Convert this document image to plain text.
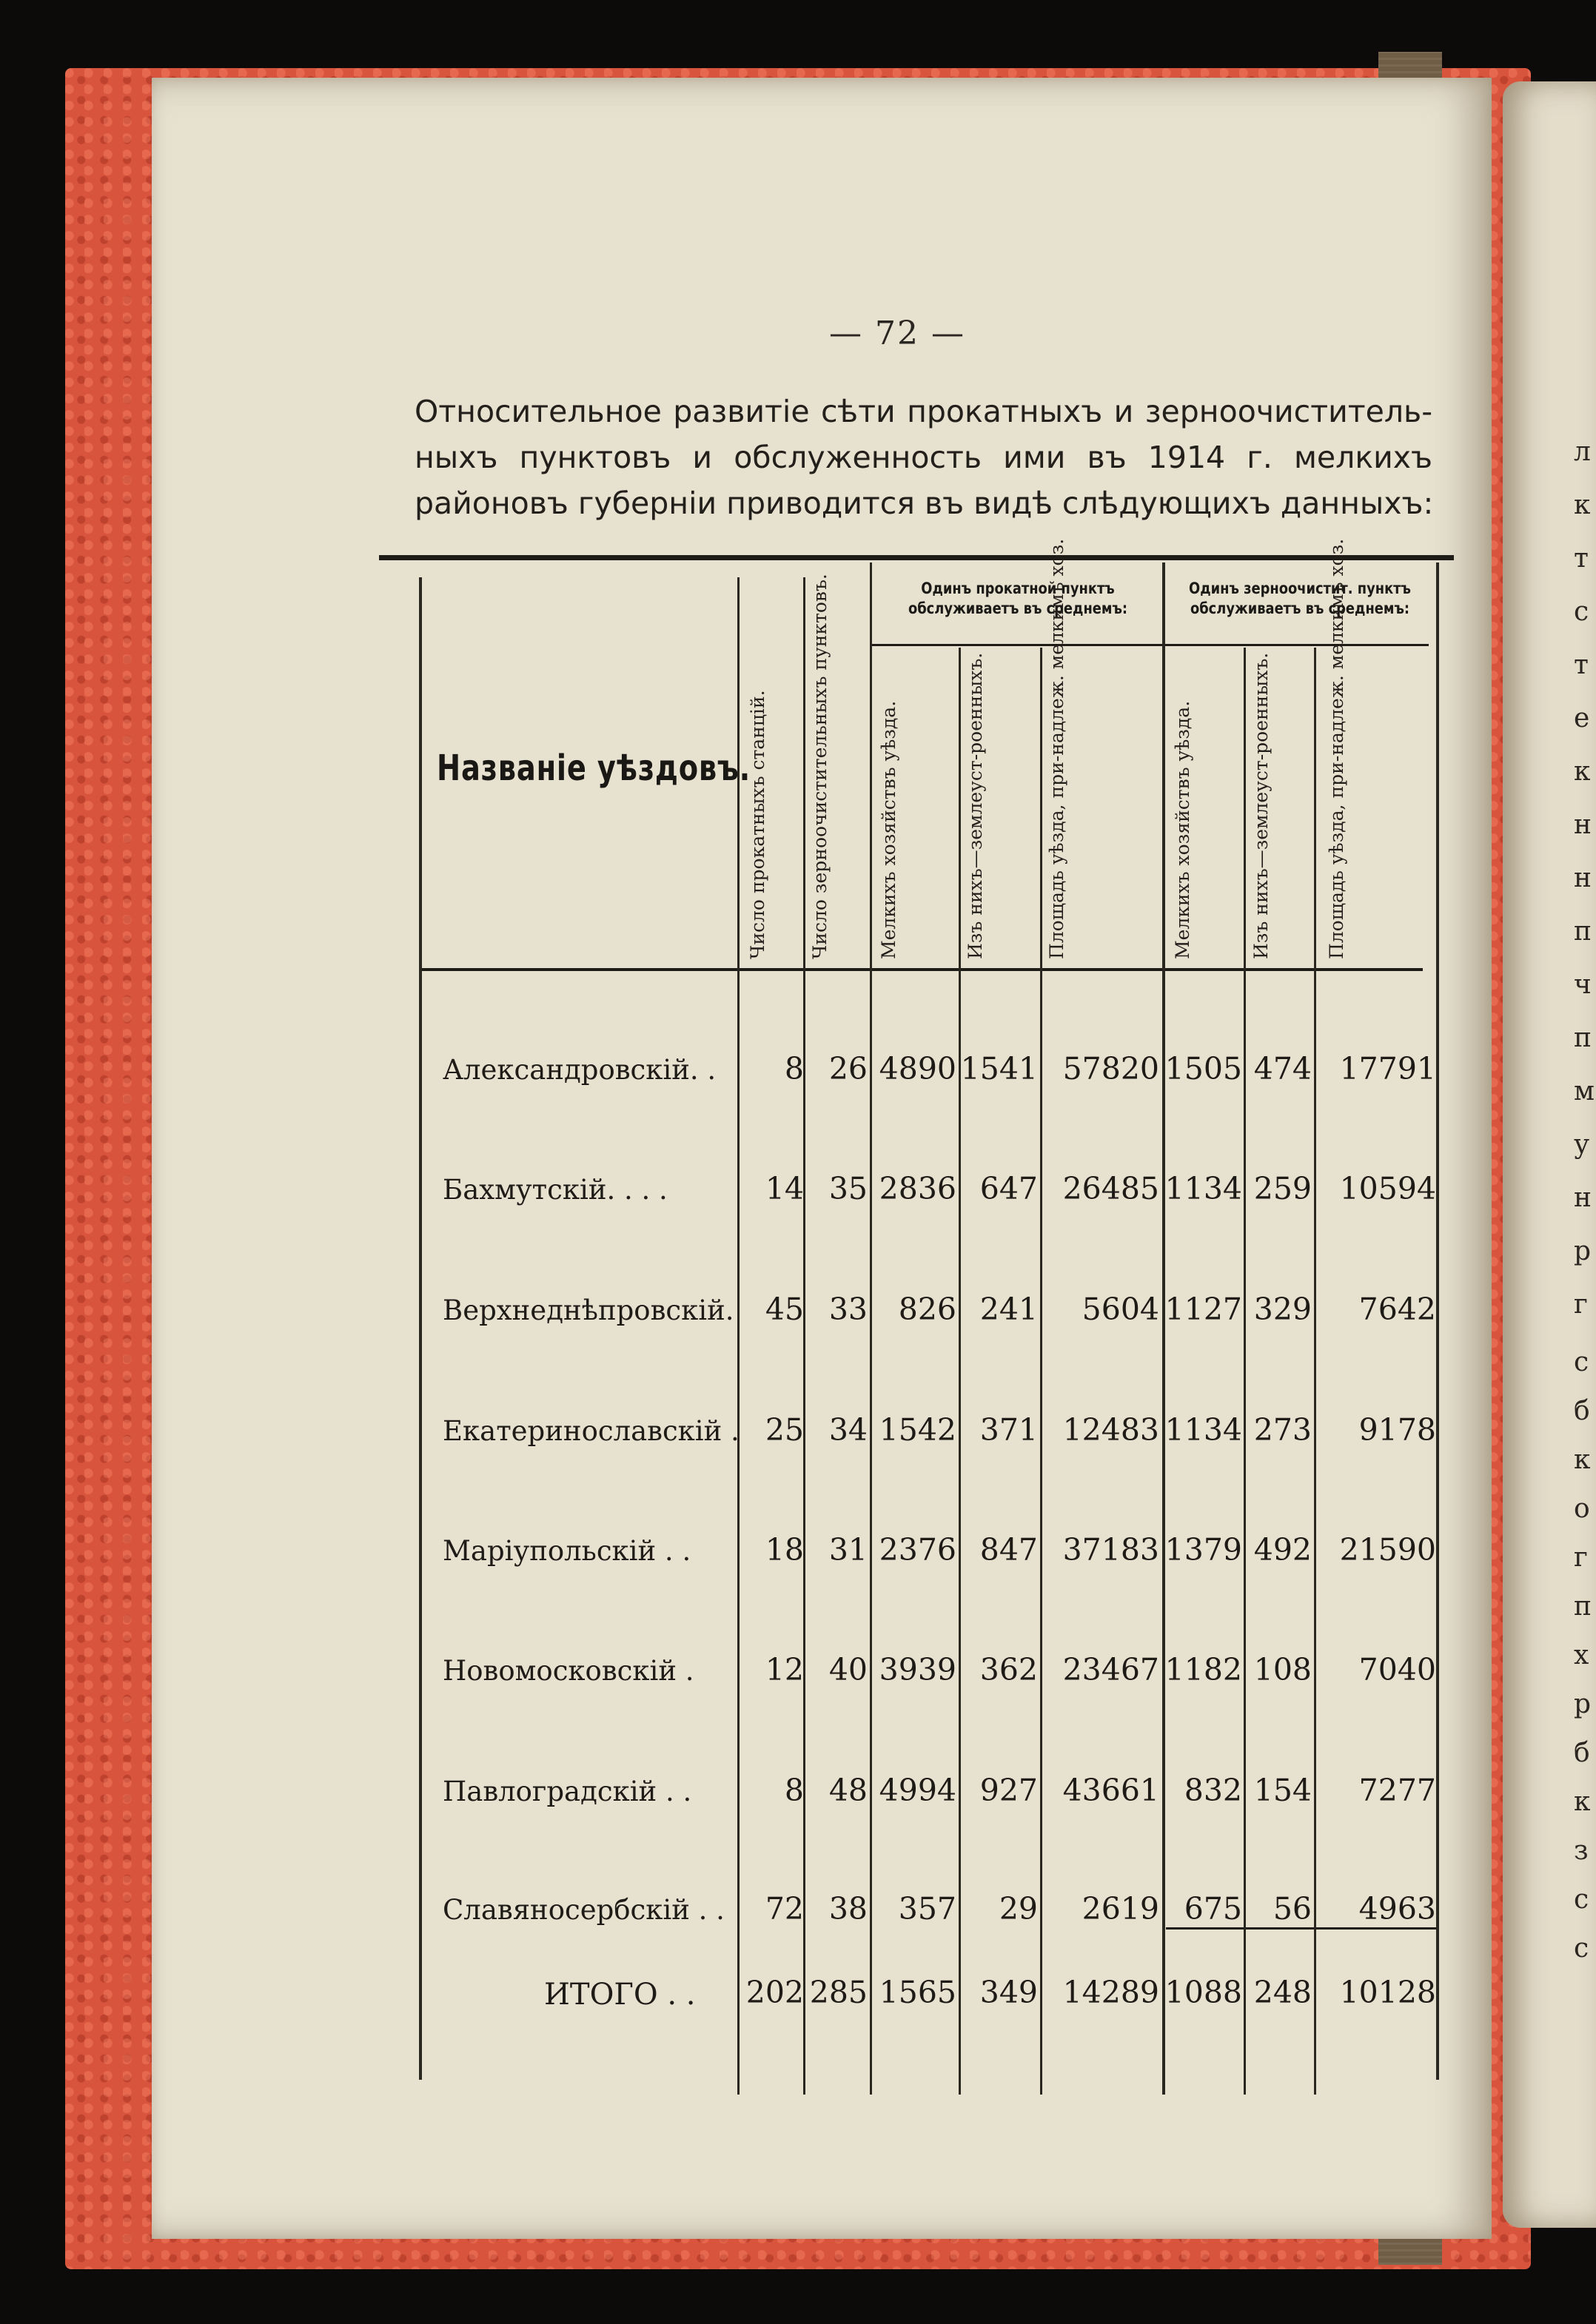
л
к
т
с
т
е
к
н
н
п
ч
п
м
у
н
р
г
с
б
к
о
г
п
х
р
б
к
з
с
с
— 72 —
Относительное развитіе сѣти прокатныхъ и зерноочиститель-
ныхъ пунктовъ и обслуженность ими въ 1914 г. мелкихъ
районовъ губерніи приводится въ видѣ слѣдующихъ данныхъ:
Одинъ прокатной пунктъ обслуживаетъ въ среднемъ:
Одинъ зерноочистит. пунктъ обслуживаетъ въ среднемъ:
Названіе уѣздовъ.
Число прокатныхъ станцій. Число зерноочистительныхъ пунктовъ.	Мелкихъ хозяйствъ уѣзда.	Изъ нихъ—землеуст-роенныхъ.	Площадь уѣзда, при-надлеж. мелкимъ хоз.	Мелкихъ хозяйствъ уѣзда.	Изъ нихъ—землеуст-роенныхъ.	Площадь уѣзда, при-надлеж. мелкимъ хоз.
Александровскій. .	8 26 4890 1541 57820 1505 474 17791
Бахмутскій. . . .	14 35 2836 647 26485 1134 259 10594
Верхнеднѣпровскій.	45 33	826 241	5604 1127 329	7642
Екатеринославскій . 25 34 1542 371 12483 1134 273	9178
Маріупольскій . .	18 31 2376 847 37183 1379 492 21590
Новомосковскій .	12 40 3939 362 23467 1182 108	7040
Павлоградскій . .	8 48 4994 927 43661 832 154	7277
Славяносербскій . .	72 38	357	29	2619 675	56	4963
ИТОГО . .	202 285 1565 349 14289 1088 248 10128
